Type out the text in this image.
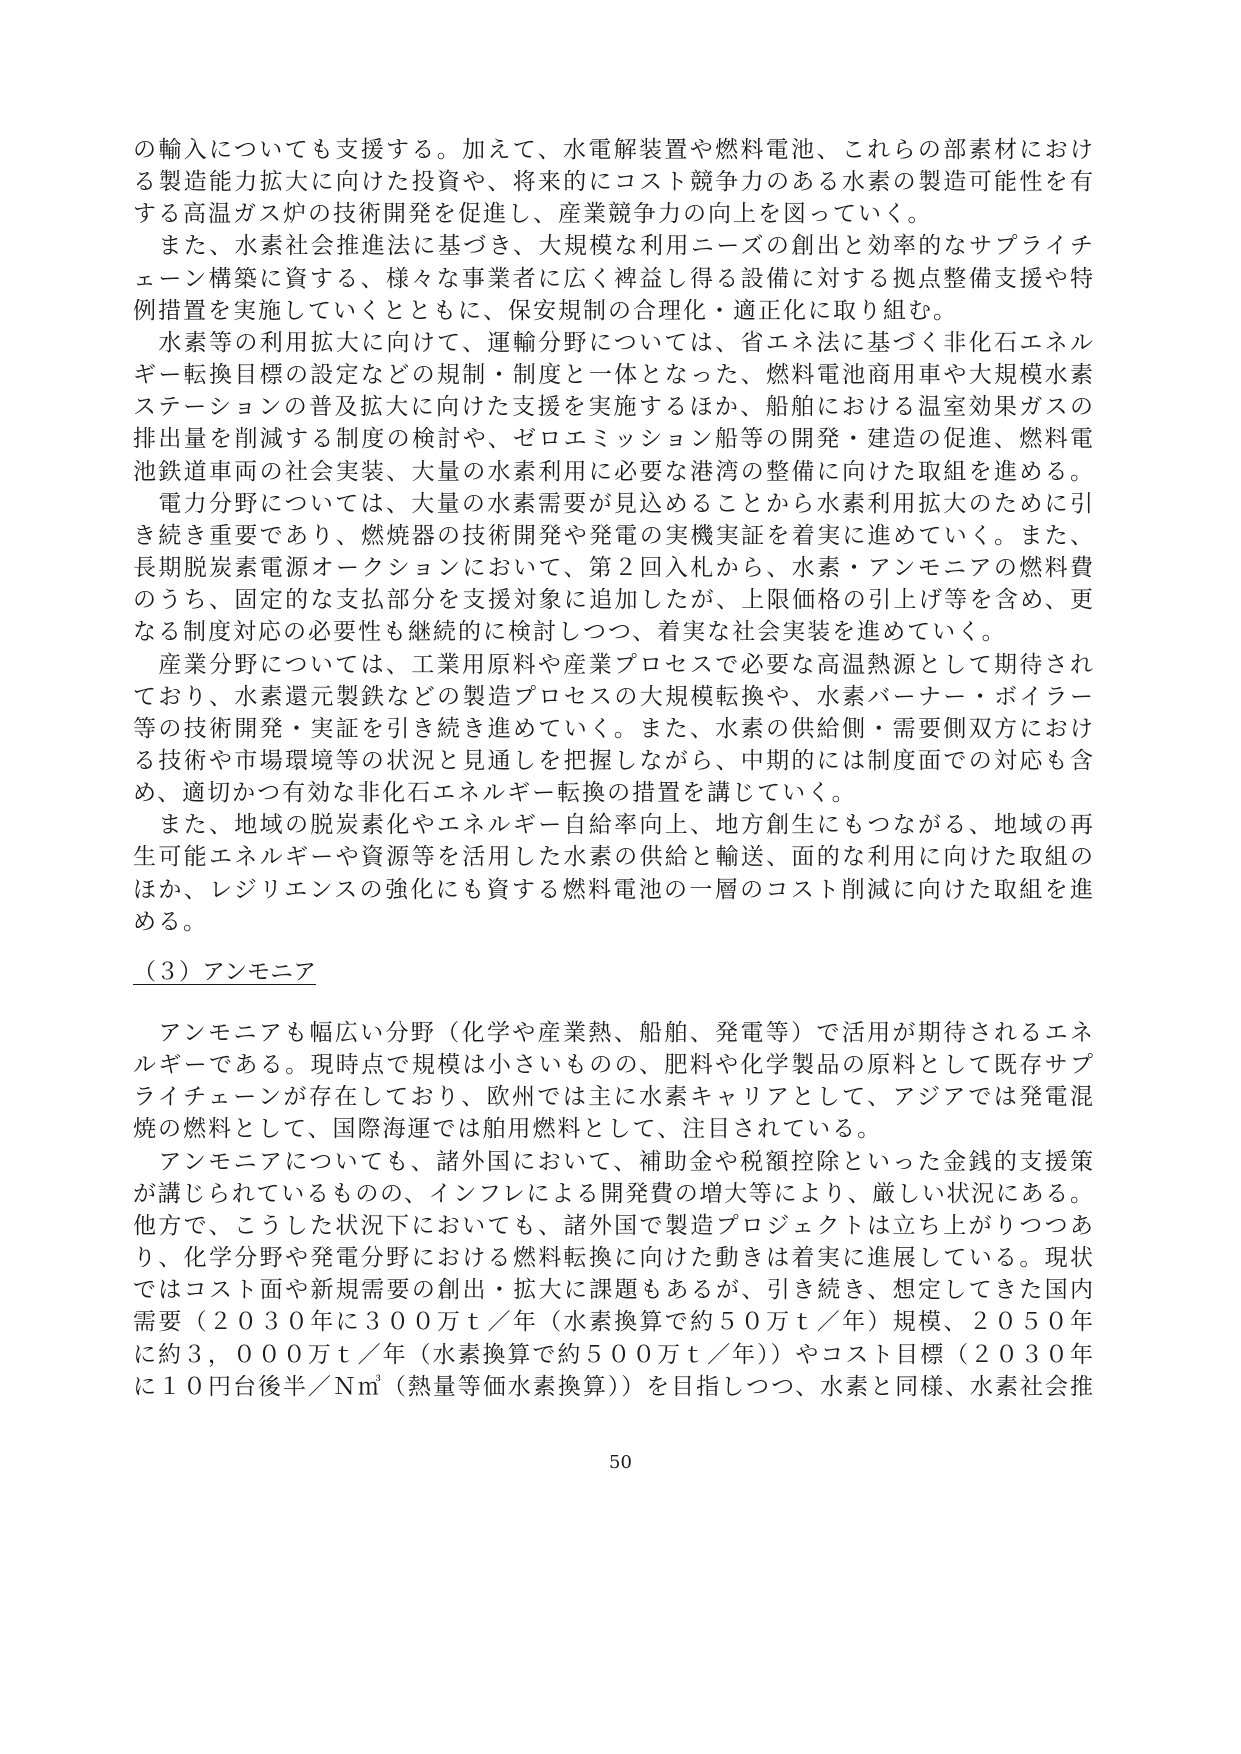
の輸入についても支援する。加えて、水電解装置や燃料電池、これらの部素材におけ
る製造能力拡大に向けた投資や、将来的にコスト競争力のある水素の製造可能性を有
する高温ガス炉の技術開発を促進し、産業競争力の向上を図っていく。
　また、水素社会推進法に基づき、大規模な利用ニーズの創出と効率的なサプライチ
ェーン構築に資する、様々な事業者に広く裨益し得る設備に対する拠点整備支援や特
例措置を実施していくとともに、保安規制の合理化・適正化に取り組む。
　水素等の利用拡大に向けて、運輸分野については、省エネ法に基づく非化石エネル
ギー転換目標の設定などの規制・制度と一体となった、燃料電池商用車や大規模水素
ステーションの普及拡大に向けた支援を実施するほか、船舶における温室効果ガスの
排出量を削減する制度の検討や、ゼロエミッション船等の開発・建造の促進、燃料電
池鉄道車両の社会実装、大量の水素利用に必要な港湾の整備に向けた取組を進める。
　電力分野については、大量の水素需要が見込めることから水素利用拡大のために引
き続き重要であり、燃焼器の技術開発や発電の実機実証を着実に進めていく。また、
長期脱炭素電源オークションにおいて、第２回入札から、水素・アンモニアの燃料費
のうち、固定的な支払部分を支援対象に追加したが、上限価格の引上げ等を含め、更
なる制度対応の必要性も継続的に検討しつつ、着実な社会実装を進めていく。
　産業分野については、工業用原料や産業プロセスで必要な高温熱源として期待され
ており、水素還元製鉄などの製造プロセスの大規模転換や、水素バーナー・ボイラー
等の技術開発・実証を引き続き進めていく。また、水素の供給側・需要側双方におけ
る技術や市場環境等の状況と見通しを把握しながら、中期的には制度面での対応も含
め、適切かつ有効な非化石エネルギー転換の措置を講じていく。
　また、地域の脱炭素化やエネルギー自給率向上、地方創生にもつながる、地域の再
生可能エネルギーや資源等を活用した水素の供給と輸送、面的な利用に向けた取組の
ほか、レジリエンスの強化にも資する燃料電池の一層のコスト削減に向けた取組を進
める。
（３）アンモニア
　アンモニアも幅広い分野（化学や産業熱、船舶、発電等）で活用が期待されるエネ
ルギーである。現時点で規模は小さいものの、肥料や化学製品の原料として既存サプ
ライチェーンが存在しており、欧州では主に水素キャリアとして、アジアでは発電混
焼の燃料として、国際海運では舶用燃料として、注目されている。
　アンモニアについても、諸外国において、補助金や税額控除といった金銭的支援策
が講じられているものの、インフレによる開発費の増大等により、厳しい状況にある。
他方で、こうした状況下においても、諸外国で製造プロジェクトは立ち上がりつつあ
り、化学分野や発電分野における燃料転換に向けた動きは着実に進展している。現状
ではコスト面や新規需要の創出・拡大に課題もあるが、引き続き、想定してきた国内
需要（２０３０年に３００万ｔ／年（水素換算で約５０万ｔ／年）規模、２０５０年
に約３，０００万ｔ／年（水素換算で約５００万ｔ／年））やコスト目標（２０３０年
に１０円台後半／Ｎ㎥（熱量等価水素換算））を目指しつつ、水素と同様、水素社会推
50
